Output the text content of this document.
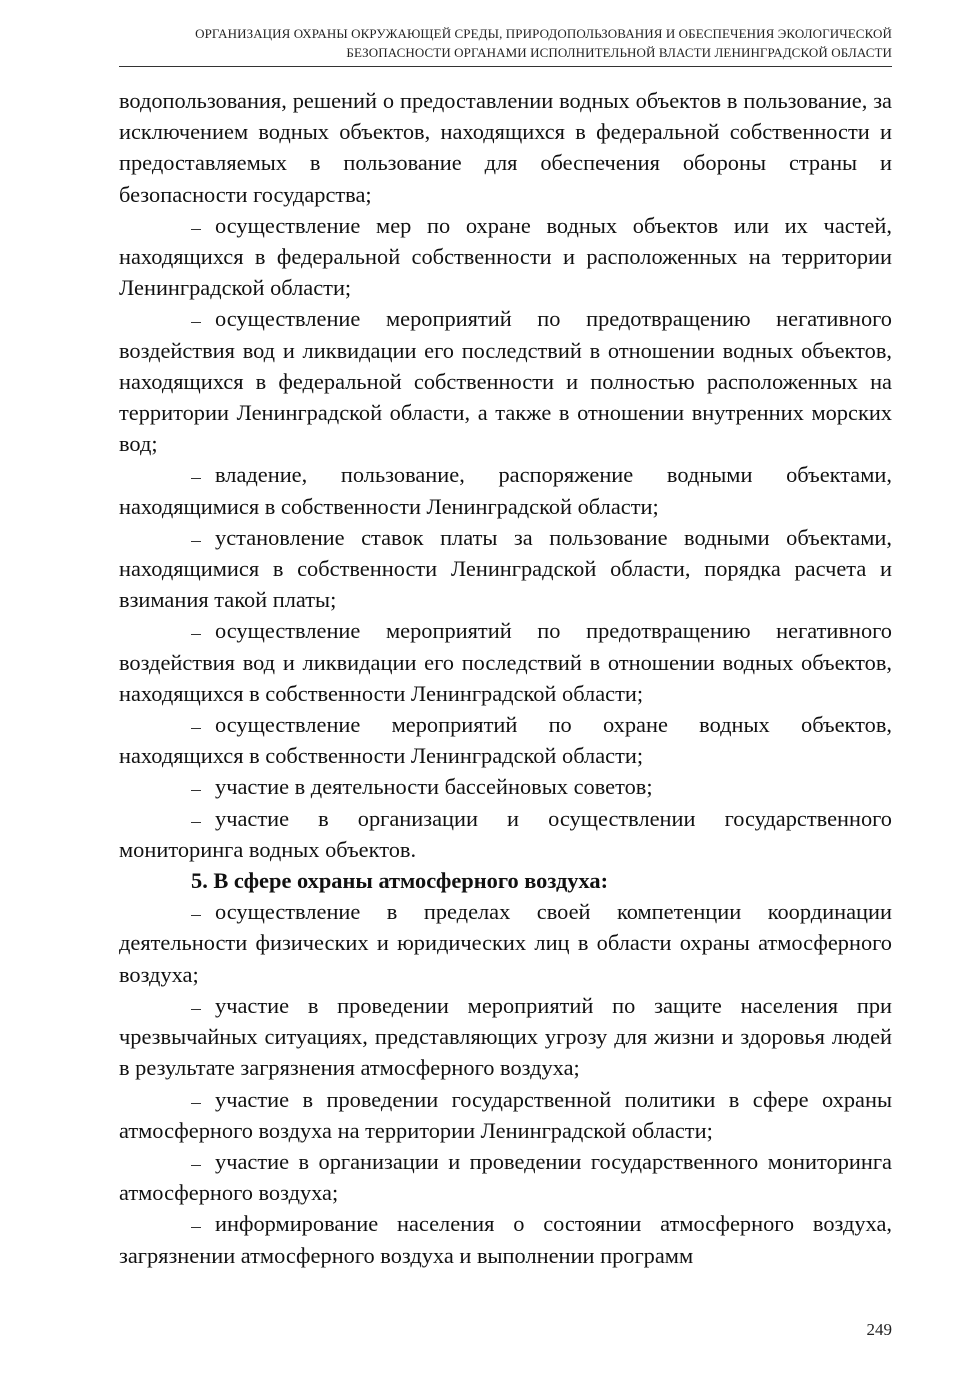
ОРГАНИЗАЦИЯ ОХРАНЫ ОКРУЖАЮЩЕЙ СРЕДЫ, ПРИРОДОПОЛЬЗОВАНИЯ И ОБЕСПЕЧЕНИЯ ЭКОЛОГИЧЕСКОЙ
БЕЗОПАСНОСТИ ОРГАНАМИ ИСПОЛНИТЕЛЬНОЙ ВЛАСТИ ЛЕНИНГРАДСКОЙ ОБЛАСТИ

водопользования, решений о предоставлении водных объектов в пользование, за исключением водных объектов, находящихся в федеральной собственности и предоставляемых в пользование для обеспечения обороны страны и безопасности государства;

осуществление мер по охране водных объектов или их частей, находящихся в федеральной собственности и расположенных на территории Ленинградской области;

осуществление мероприятий по предотвращению негативного воздействия вод и ликвидации его последствий в отношении водных объектов, находящихся в федеральной собственности и полностью расположенных на территории Ленинградской области, а также в отношении внутренних морских вод;

владение, пользование, распоряжение водными объектами, находящимися в собственности Ленинградской области;

установление ставок платы за пользование водными объектами, находящимися в собственности Ленинградской области, порядка расчета и взимания такой платы;

осуществление мероприятий по предотвращению негативного воздействия вод и ликвидации его последствий в отношении водных объектов, находящихся в собственности Ленинградской области;

осуществление мероприятий по охране водных объектов, находящихся в собственности Ленинградской области;

участие в деятельности бассейновых советов;

участие в организации и осуществлении государственного мониторинга водных объектов.

5. В сфере охраны атмосферного воздуха:

осуществление в пределах своей компетенции координации деятельности физических и юридических лиц в области охраны атмосферного воздуха;

участие в проведении мероприятий по защите населения при чрезвычайных ситуациях, представляющих угрозу для жизни и здоровья людей в результате загрязнения атмосферного воздуха;

участие в проведении государственной политики в сфере охраны атмосферного воздуха на территории Ленинградской области;

участие в организации и проведении государственного мониторинга атмосферного воздуха;

информирование населения о состоянии атмосферного воздуха, загрязнении атмосферного воздуха и выполнении программ

249
